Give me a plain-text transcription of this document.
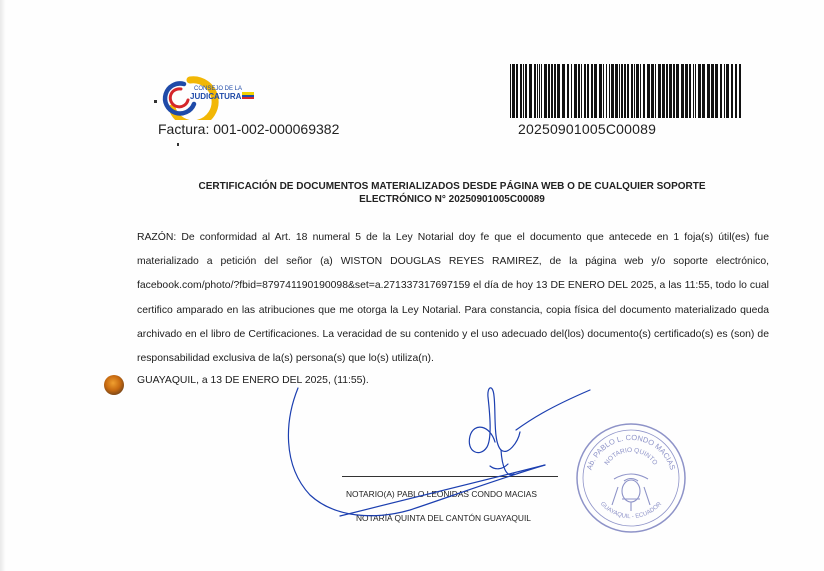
CONSEJO DE LA
JUDICATURA
Factura: 001-002-000069382	20250901005C00089
CERTIFICACIÓN DE DOCUMENTOS MATERIALIZADOS DESDE PÁGINA WEB O DE CUALQUIER SOPORTE
ELECTRÓNICO N° 20250901005C00089

RAZÓN: De conformidad al Art. 18 numeral 5 de la Ley Notarial doy fe que el documento que antecede en 1 foja(s) útil(es) fue materializado a petición del señor (a) WISTON DOUGLAS REYES RAMIREZ, de la página web y/o soporte electrónico, facebook.com/photo/?fbid=879741190190098&set=a.271337317697159 el día de hoy 13 DE ENERO DEL 2025, a las 11:55, todo lo cual certifico amparado en las atribuciones que me otorga la Ley Notarial. Para constancia, copia física del documento materializado queda archivado en el libro de Certificaciones. La veracidad de su contenido y el uso adecuado del(los) documento(s) certificado(s) es (son) de responsabilidad exclusiva de la(s) persona(s) que lo(s) utiliza(n).

GUAYAQUIL, a 13 DE ENERO DEL 2025, (11:55).
Ab. PABLO L. CONDO MACIAS
NOTARIO QUINTO
GUAYAQUIL - ECUADOR
NOTARIO(A) PABLO LEONIDAS CONDO MACIAS
NOTARÍA QUINTA DEL CANTÓN GUAYAQUIL
